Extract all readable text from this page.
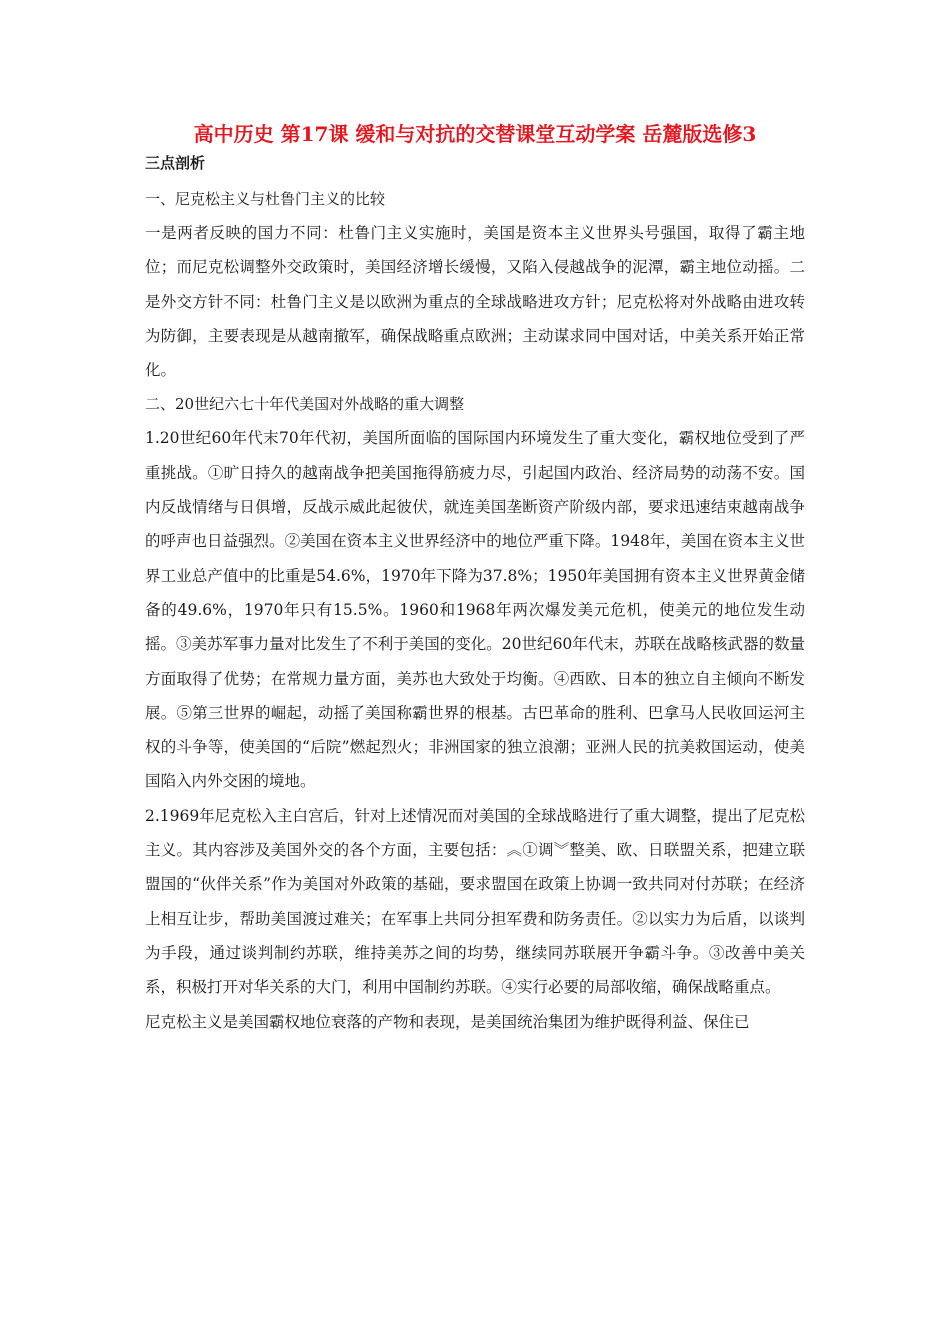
高中历史 第17课 缓和与对抗的交替课堂互动学案 岳麓版选修3
三点剖析
一、尼克松主义与杜鲁门主义的比较

一是两者反映的国力不同：杜鲁门主义实施时，美国是资本主义世界头号强国，取得了霸主地位；而尼克松调整外交政策时，美国经济增长缓慢，又陷入侵越战争的泥潭，霸主地位动摇。二是外交方针不同：杜鲁门主义是以欧洲为重点的全球战略进攻方针；尼克松将对外战略由进攻转为防御，主要表现是从越南撤军，确保战略重点欧洲；主动谋求同中国对话，中美关系开始正常化。

二、20世纪六七十年代美国对外战略的重大调整

1.20世纪60年代末70年代初，美国所面临的国际国内环境发生了重大变化，霸权地位受到了严重挑战。①旷日持久的越南战争把美国拖得筋疲力尽，引起国内政治、经济局势的动荡不安。国内反战情绪与日俱增，反战示威此起彼伏，就连美国垄断资产阶级内部，要求迅速结束越南战争的呼声也日益强烈。②美国在资本主义世界经济中的地位严重下降。1948年，美国在资本主义世界工业总产值中的比重是54.6%，1970年下降为37.8%；1950年美国拥有资本主义世界黄金储备的49.6%，1970年只有15.5%。1960和1968年两次爆发美元危机，使美元的地位发生动摇。③美苏军事力量对比发生了不利于美国的变化。20世纪60年代末，苏联在战略核武器的数量方面取得了优势；在常规力量方面，美苏也大致处于均衡。④西欧、日本的独立自主倾向不断发展。⑤第三世界的崛起，动摇了美国称霸世界的根基。古巴革命的胜利、巴拿马人民收回运河主权的斗争等，使美国的“后院”燃起烈火；非洲国家的独立浪潮；亚洲人民的抗美救国运动，使美国陷入内外交困的境地。

2.1969年尼克松入主白宫后，针对上述情况而对美国的全球战略进行了重大调整，提出了尼克松主义。其内容涉及美国外交的各个方面，主要包括：︽①调︾整美、欧、日联盟关系，把建立联盟国的“伙伴关系”作为美国对外政策的基础，要求盟国在政策上协调一致共同对付苏联；在经济上相互让步，帮助美国渡过难关；在军事上共同分担军费和防务责任。②以实力为后盾，以谈判为手段，通过谈判制约苏联，维持美苏之间的均势，继续同苏联展开争霸斗争。③改善中美关系，积极打开对华关系的大门，利用中国制约苏联。④实行必要的局部收缩，确保战略重点。

尼克松主义是美国霸权地位衰落的产物和表现，是美国统治集团为维护既得利益、保住已
